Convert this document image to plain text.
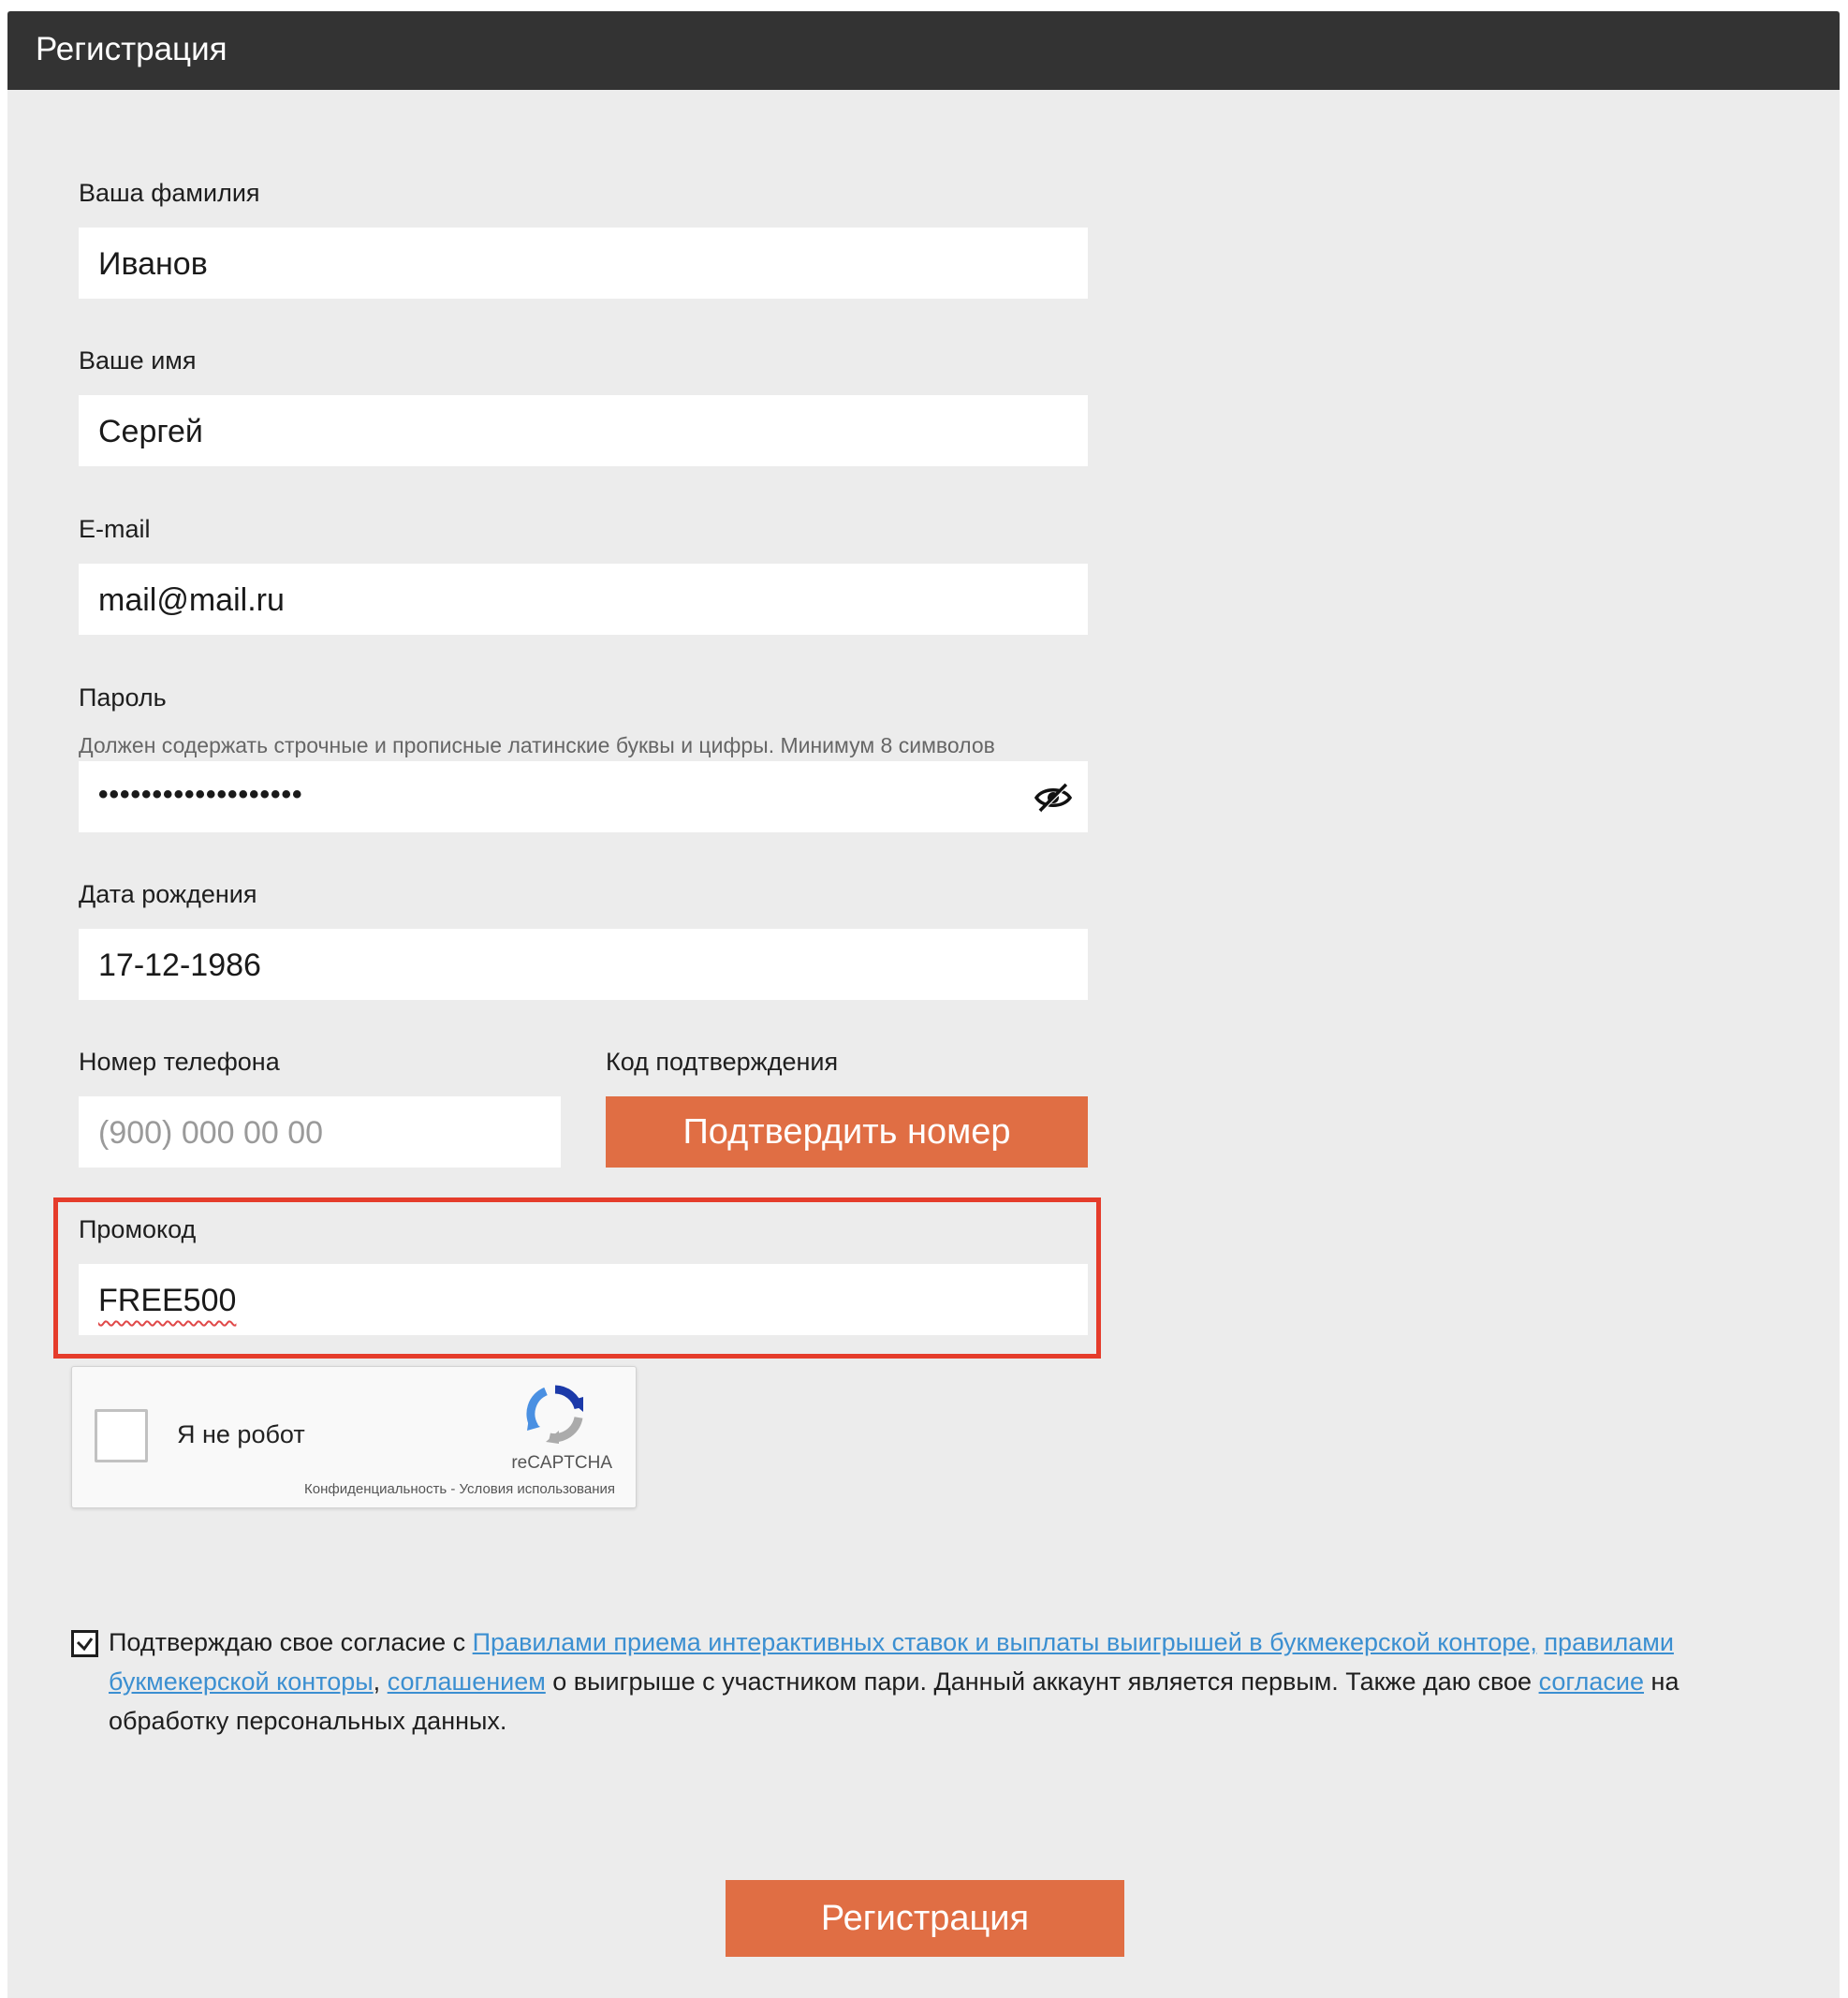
Регистрация
Ваша фамилия
Иванов
Ваше имя
Сергей
E-mail
mail@mail.ru
Пароль
Должен содержать строчные и прописные латинские буквы и цифры. Минимум 8 символов
•••••••••••••••••••
Дата рождения
17-12-1986
Номер телефона
(900) 000 00 00
Код подтверждения
Подтвердить номер
Промокод
FREE500
Я не робот
reCAPTCHA
Конфиденциальность - Условия использования
Подтверждаю свое согласие с Правилами приема интерактивных ставок и выплаты выигрышей в букмекерской конторе, правилами букмекерской конторы, соглашением о выигрыше с участником пари. Данный аккаунт является первым. Также даю свое согласие на обработку персональных данных.
Регистрация
